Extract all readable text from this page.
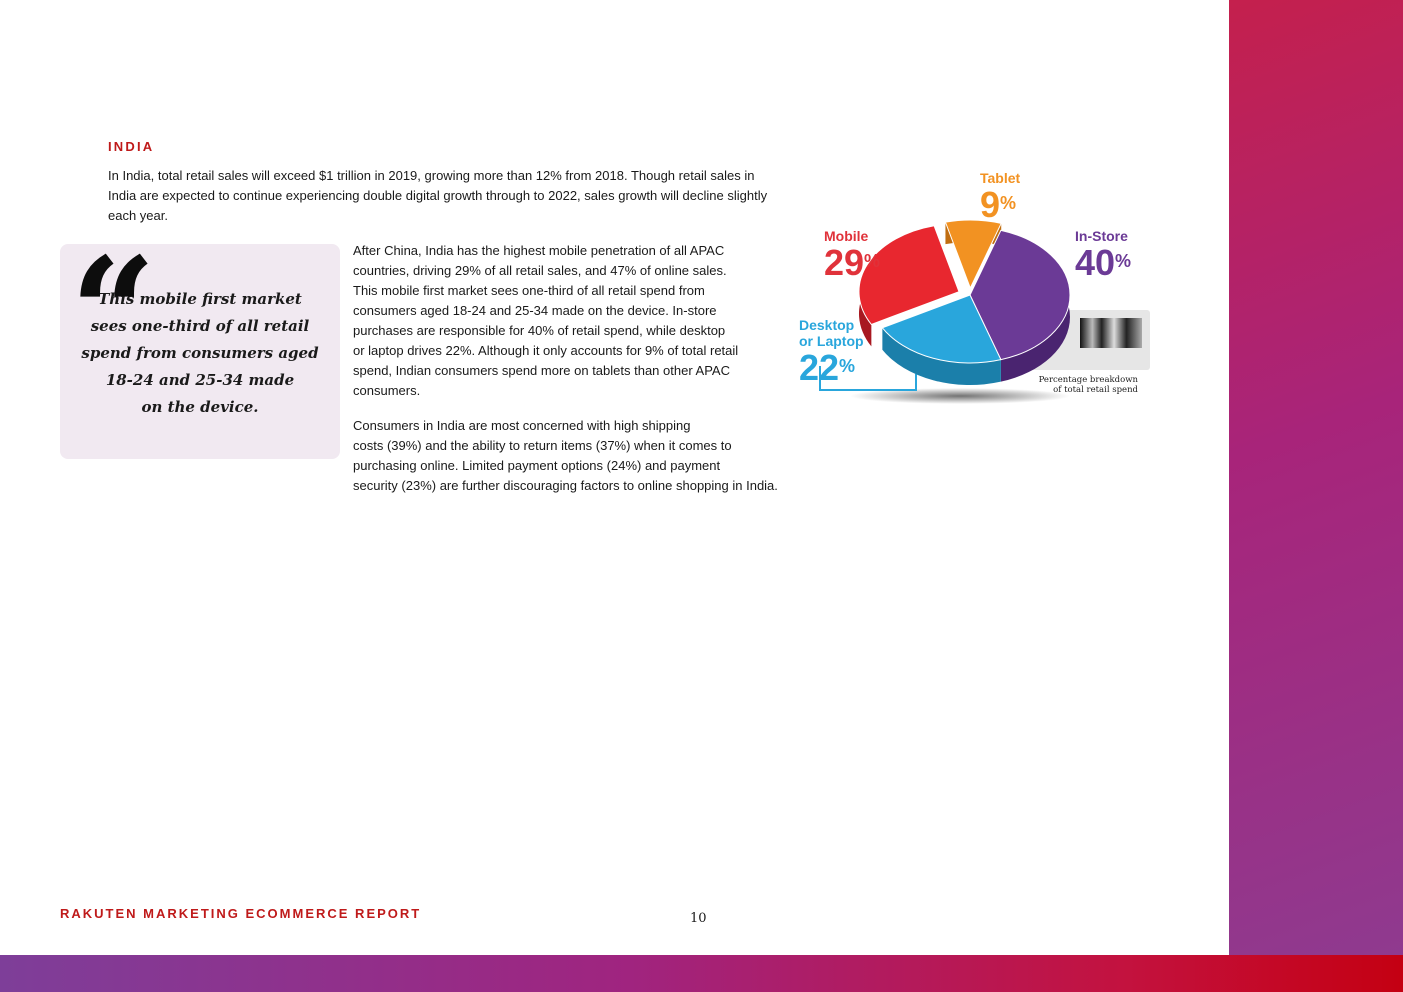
INDIA

In India, total retail sales will exceed $1 trillion in 2019, growing more than 12% from 2018. Though retail sales in India are expected to continue experiencing double digital growth through to 2022, sales growth will decline slightly each year.

This mobile first market
sees one-third of all retail
spend from consumers aged
18-24 and 25-34 made
on the device.

“	After China, India has the highest mobile penetration of all APAC
countries, driving 29% of all retail sales, and 47% of online sales.
This mobile first market sees one-third of all retail spend from
consumers aged 18-24 and 25-34 made on the device. In-store
purchases are responsible for 40% of retail spend, while desktop
or laptop drives 22%. Although it only accounts for 9% of total retail
spend, Indian consumers spend more on tablets than other APAC
consumers.

Consumers in India are most concerned with high shipping
costs (39%) and the ability to return items (37%) when it comes to
purchasing online. Limited payment options (24%) and payment
security (23%) are further discouraging factors to online shopping in India.

Tablet
9%

Mobile
29%

In-Store
40%

Desktop
or Laptop
22%

Percentage breakdown
of total retail spend

RAKUTEN MARKETING ECOMMERCE REPORT	10
